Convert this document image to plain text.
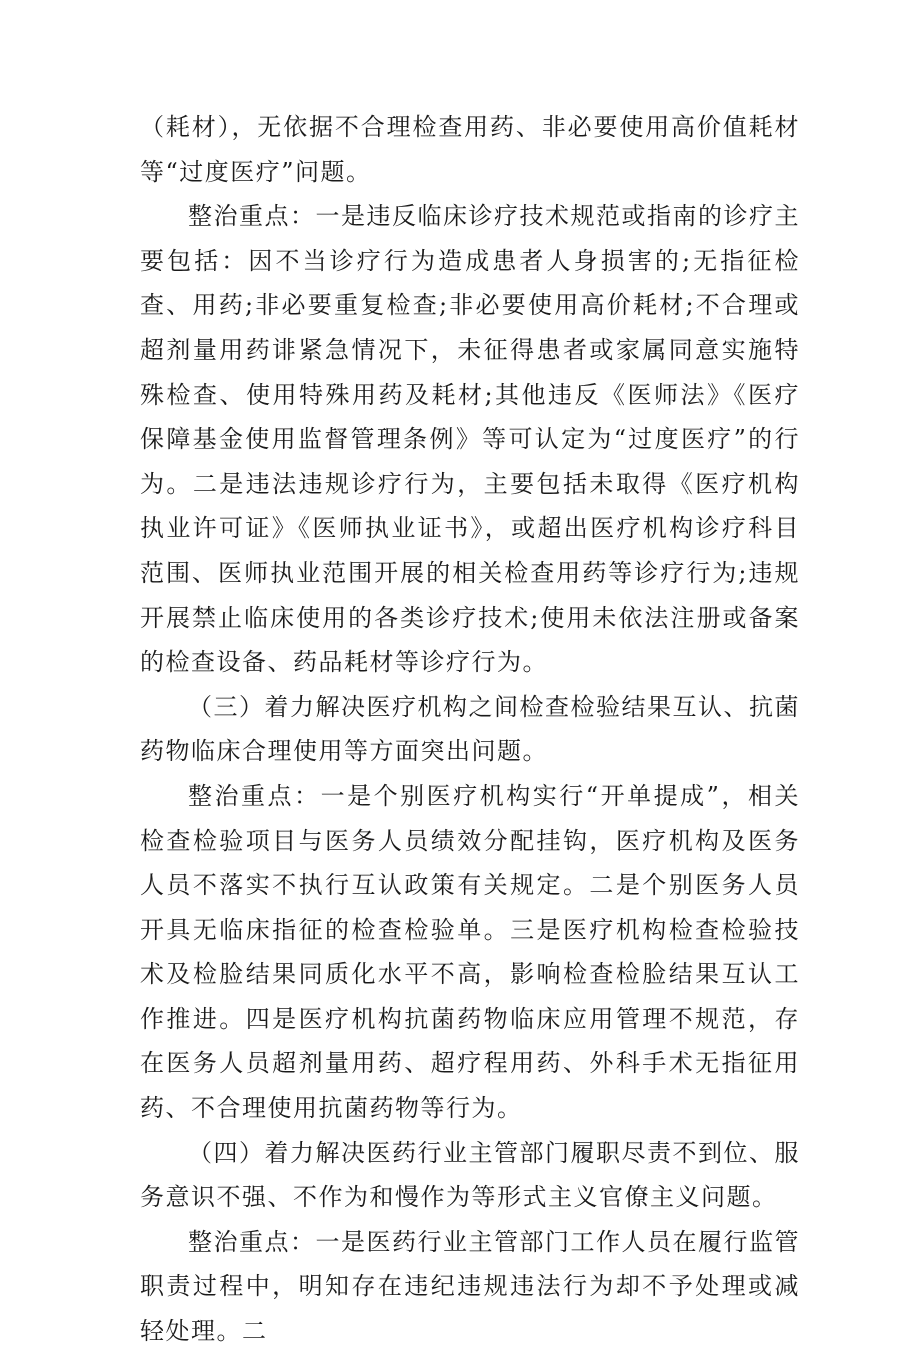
（耗材），无依据不合理检查用药、非必要使用高价值耗材等“过度医疗”问题。

整治重点：一是违反临床诊疗技术规范或指南的诊疗主要包括：因不当诊疗行为造成患者人身损害的;无指征检查、用药;非必要重复检查;非必要使用高价耗材;不合理或超剂量用药诽紧急情况下，未征得患者或家属同意实施特殊检查、使用特殊用药及耗材;其他违反《医师法》《医疗保障基金使用监督管理条例》等可认定为“过度医疗”的行为。二是违法违规诊疗行为，主要包括未取得《医疗机构执业许可证》《医师执业证书》，或超出医疗机构诊疗科目范围、医师执业范围开展的相关检查用药等诊疗行为;违规开展禁止临床使用的各类诊疗技术;使用未依法注册或备案的检查设备、药品耗材等诊疗行为。

（三）着力解决医疗机构之间检查检验结果互认、抗菌药物临床合理使用等方面突出问题。

整治重点：一是个别医疗机构实行“开单提成”，相关检查检验项目与医务人员绩效分配挂钩，医疗机构及医务人员不落实不执行互认政策有关规定。二是个别医务人员开具无临床指征的检查检验单。三是医疗机构检查检验技术及检脸结果同质化水平不高，影响检查检脸结果互认工作推进。四是医疗机构抗菌药物临床应用管理不规范，存在医务人员超剂量用药、超疗程用药、外科手术无指征用药、不合理使用抗菌药物等行为。

（四）着力解决医药行业主管部门履职尽责不到位、服务意识不强、不作为和慢作为等形式主义官僚主义问题。

整治重点：一是医药行业主管部门工作人员在履行监管职责过程中，明知存在违纪违规违法行为却不予处理或减轻处理。二
